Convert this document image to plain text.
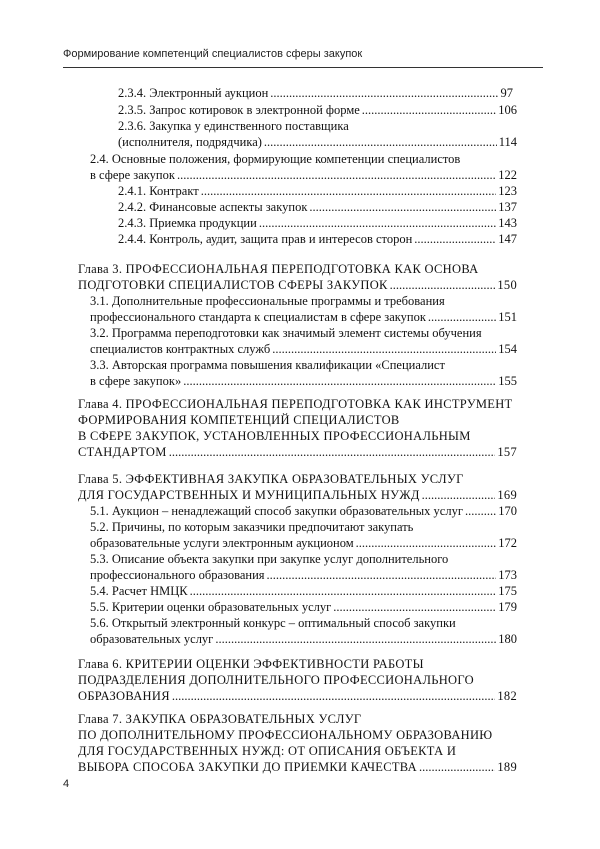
Формирование компетенций специалистов сферы закупок
2.3.4. Электронный аукцион .....	97
2.3.5. Запрос котировок в электронной форме .....	106
2.3.6. Закупка у единственного поставщика
(исполнителя, подрядчика) .....	114
2.4. Основные положения, формирующие компетенции специалистов
в сфере закупок .....	122
2.4.1. Контракт .....	123
2.4.2. Финансовые аспекты закупок .....	137
2.4.3. Приемка продукции .....	143
2.4.4. Контроль, аудит, защита прав и интересов сторон .....	147
Глава 3. ПРОФЕССИОНАЛЬНАЯ ПЕРЕПОДГОТОВКА КАК ОСНОВА
ПОДГОТОВКИ СПЕЦИАЛИСТОВ СФЕРЫ ЗАКУПОК .....	150
3.1. Дополнительные профессиональные программы и требования
профессионального стандарта к специалистам в сфере закупок .....	151
3.2. Программа переподготовки как значимый элемент системы обучения
специалистов контрактных служб .....	154
3.3. Авторская программа повышения квалификации «Специалист
в сфере закупок» .....	155
Глава 4. ПРОФЕССИОНАЛЬНАЯ ПЕРЕПОДГОТОВКА КАК ИНСТРУМЕНТ
ФОРМИРОВАНИЯ КОМПЕТЕНЦИЙ СПЕЦИАЛИСТОВ
В СФЕРЕ ЗАКУПОК, УСТАНОВЛЕННЫХ ПРОФЕССИОНАЛЬНЫМ
СТАНДАРТОМ .....	157
Глава 5. ЭФФЕКТИВНАЯ ЗАКУПКА ОБРАЗОВАТЕЛЬНЫХ УСЛУГ
ДЛЯ ГОСУДАРСТВЕННЫХ И МУНИЦИПАЛЬНЫХ НУЖД .....	169
5.1. Аукцион – ненадлежащий способ закупки образовательных услуг .....	170
5.2. Причины, по которым заказчики предпочитают закупать
образовательные услуги электронным аукционом .....	172
5.3. Описание объекта закупки при закупке услуг дополнительного
профессионального образования .....	173
5.4. Расчет НМЦК .....	175
5.5. Критерии оценки образовательных услуг .....	179
5.6. Открытый электронный конкурс – оптимальный способ закупки
образовательных услуг .....	180
Глава 6. КРИТЕРИИ ОЦЕНКИ ЭФФЕКТИВНОСТИ РАБОТЫ
ПОДРАЗДЕЛЕНИЯ ДОПОЛНИТЕЛЬНОГО ПРОФЕССИОНАЛЬНОГО
ОБРАЗОВАНИЯ .....	182
Глава 7. ЗАКУПКА ОБРАЗОВАТЕЛЬНЫХ УСЛУГ
ПО ДОПОЛНИТЕЛЬНОМУ ПРОФЕССИОНАЛЬНОМУ ОБРАЗОВАНИЮ
ДЛЯ ГОСУДАРСТВЕННЫХ НУЖД: ОТ ОПИСАНИЯ ОБЪЕКТА И
ВЫБОРА СПОСОБА ЗАКУПКИ ДО ПРИЕМКИ КАЧЕСТВА .....	189
4
